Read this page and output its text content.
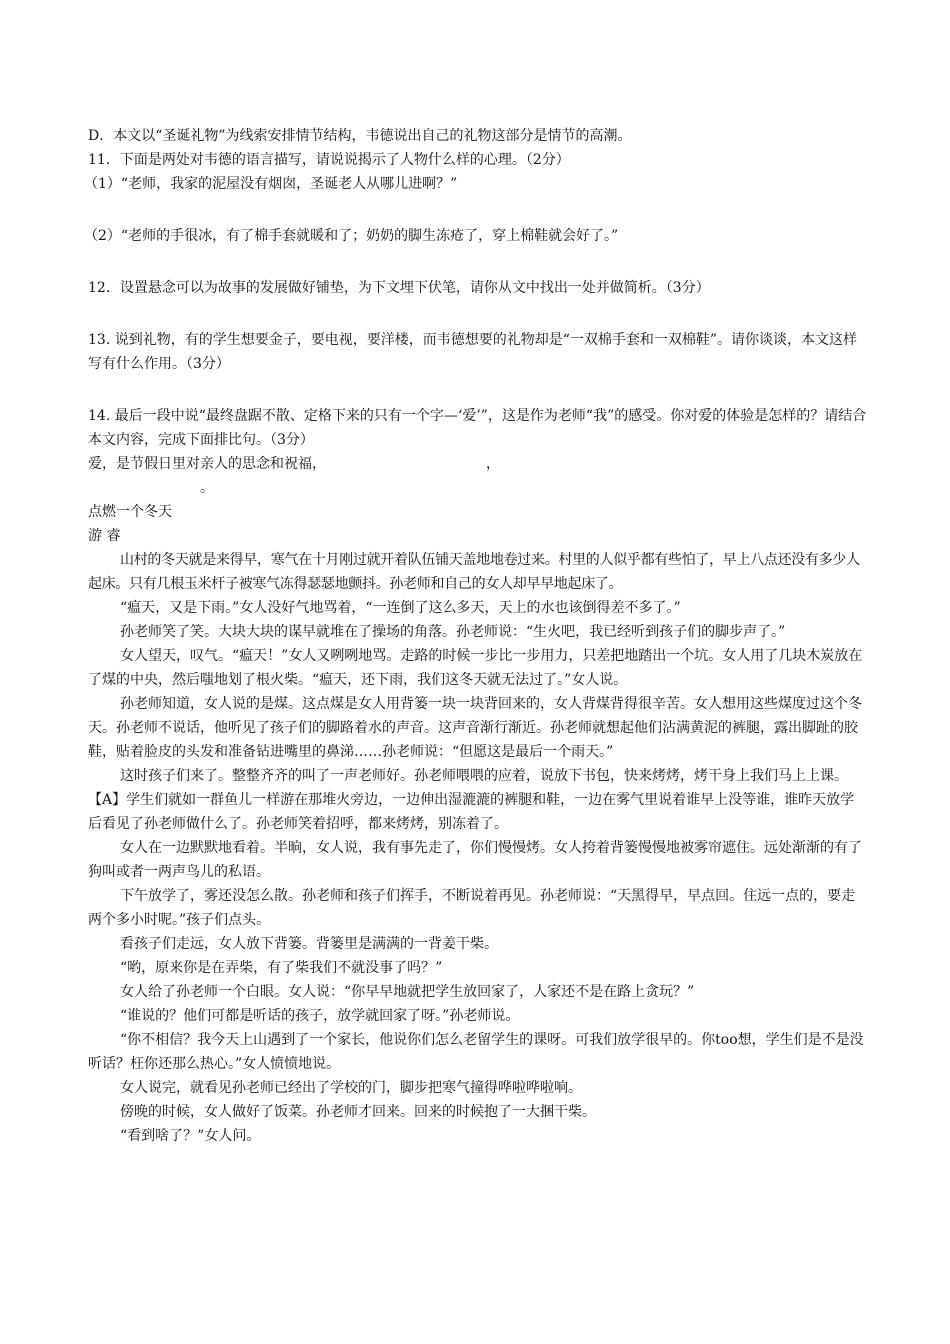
D．本文以“圣诞礼物”为线索安排情节结构，韦德说出自己的礼物这部分是情节的高潮。
11．下面是两处对韦德的语言描写，请说说揭示了人物什么样的心理。（2分）
（1）“老师，我家的泥屋没有烟囱，圣诞老人从哪儿进啊？”
（2）“老师的手很冰，有了棉手套就暖和了；奶奶的脚生冻疮了，穿上棉鞋就会好了。”
12．设置悬念可以为故事的发展做好铺垫，为下文埋下伏笔，请你从文中找出一处并做简析。（3分）
13. 说到礼物，有的学生想要金子，要电视，要洋楼，而韦德想要的礼物却是“一双棉手套和一双棉鞋”。请你谈谈，本文这样写有什么作用。（3分）
14. 最后一段中说“最终盘踞不散、定格下来的只有一个字—‘爱’”，这是作为老师“我”的感受。你对爱的体验是怎样的？请结合本文内容，完成下面排比句。（3分）
爱，是节假日里对亲人的思念和祝福，	，
。
点燃一个冬天
游 睿
山村的冬天就是来得早，寒气在十月刚过就开着队伍铺天盖地地卷过来。村里的人似乎都有些怕了，早上八点还没有多少人起床。只有几根玉米杆子被寒气冻得瑟瑟地颤抖。孙老师和自己的女人却早早地起床了。
“瘟天，又是下雨。”女人没好气地骂着，“一连倒了这么多天，天上的水也该倒得差不多了。”
孙老师笑了笑。大块大块的谋早就堆在了操场的角落。孙老师说：“生火吧，我已经听到孩子们的脚步声了。”
女人望天，叹气。“瘟天！”女人又咧咧地骂。走路的时候一步比一步用力，只差把地踏出一个坑。女人用了几块木炭放在了煤的中央，然后嗤地划了根火柴。“瘟天，还下雨，我们这冬天就无法过了。”女人说。
孙老师知道，女人说的是煤。这点煤是女人用背篓一块一块背回来的，女人背煤背得很辛苦。女人想用这些煤度过这个冬天。孙老师不说话，他听见了孩子们的脚路着水的声音。这声音渐行渐近。孙老师就想起他们沾满黄泥的裤腿，露出脚趾的胶鞋，贴着脸皮的头发和准备钻进嘴里的鼻涕……孙老师说：“但愿这是最后一个雨天。”
这时孩子们来了。整整齐齐的叫了一声老师好。孙老师喂喂的应着，说放下书包，快来烤烤，烤干身上我们马上上课。【A】学生们就如一群鱼儿一样游在那堆火旁边，一边伸出湿漉漉的裤腿和鞋，一边在雾气里说着谁早上没等谁，谁昨天放学后看见了孙老师做什么了。孙老师笑着招呼，都来烤烤，别冻着了。
女人在一边默默地看着。半晌，女人说，我有事先走了，你们慢慢烤。女人挎着背篓慢慢地被雾帘遮住。远处渐渐的有了狗叫或者一两声鸟儿的私语。
下午放学了，雾还没怎么散。孙老师和孩子们挥手，不断说着再见。孙老师说：“天黑得早，早点回。住远一点的，要走两个多小时呢。”孩子们点头。
看孩子们走远，女人放下背篓。背篓里是满满的一背姜干柴。
“哟，原来你是在弄柴，有了柴我们不就没事了吗？”
女人给了孙老师一个白眼。女人说：“你早早地就把学生放回家了，人家还不是在路上贪玩？”
“谁说的？他们可都是听话的孩子，放学就回家了呀。”孙老师说。
“你不相信？我今天上山遇到了一个家长，他说你们怎么老留学生的课呀。可我们放学很早的。你too想，学生们是不是没听话？枉你还那么热心。”女人愤愤地说。
女人说完，就看见孙老师已经出了学校的门，脚步把寒气撞得哗啦哗啦响。
傍晚的时候，女人做好了饭菜。孙老师才回来。回来的时候抱了一大捆干柴。
“看到啥了？”女人问。
